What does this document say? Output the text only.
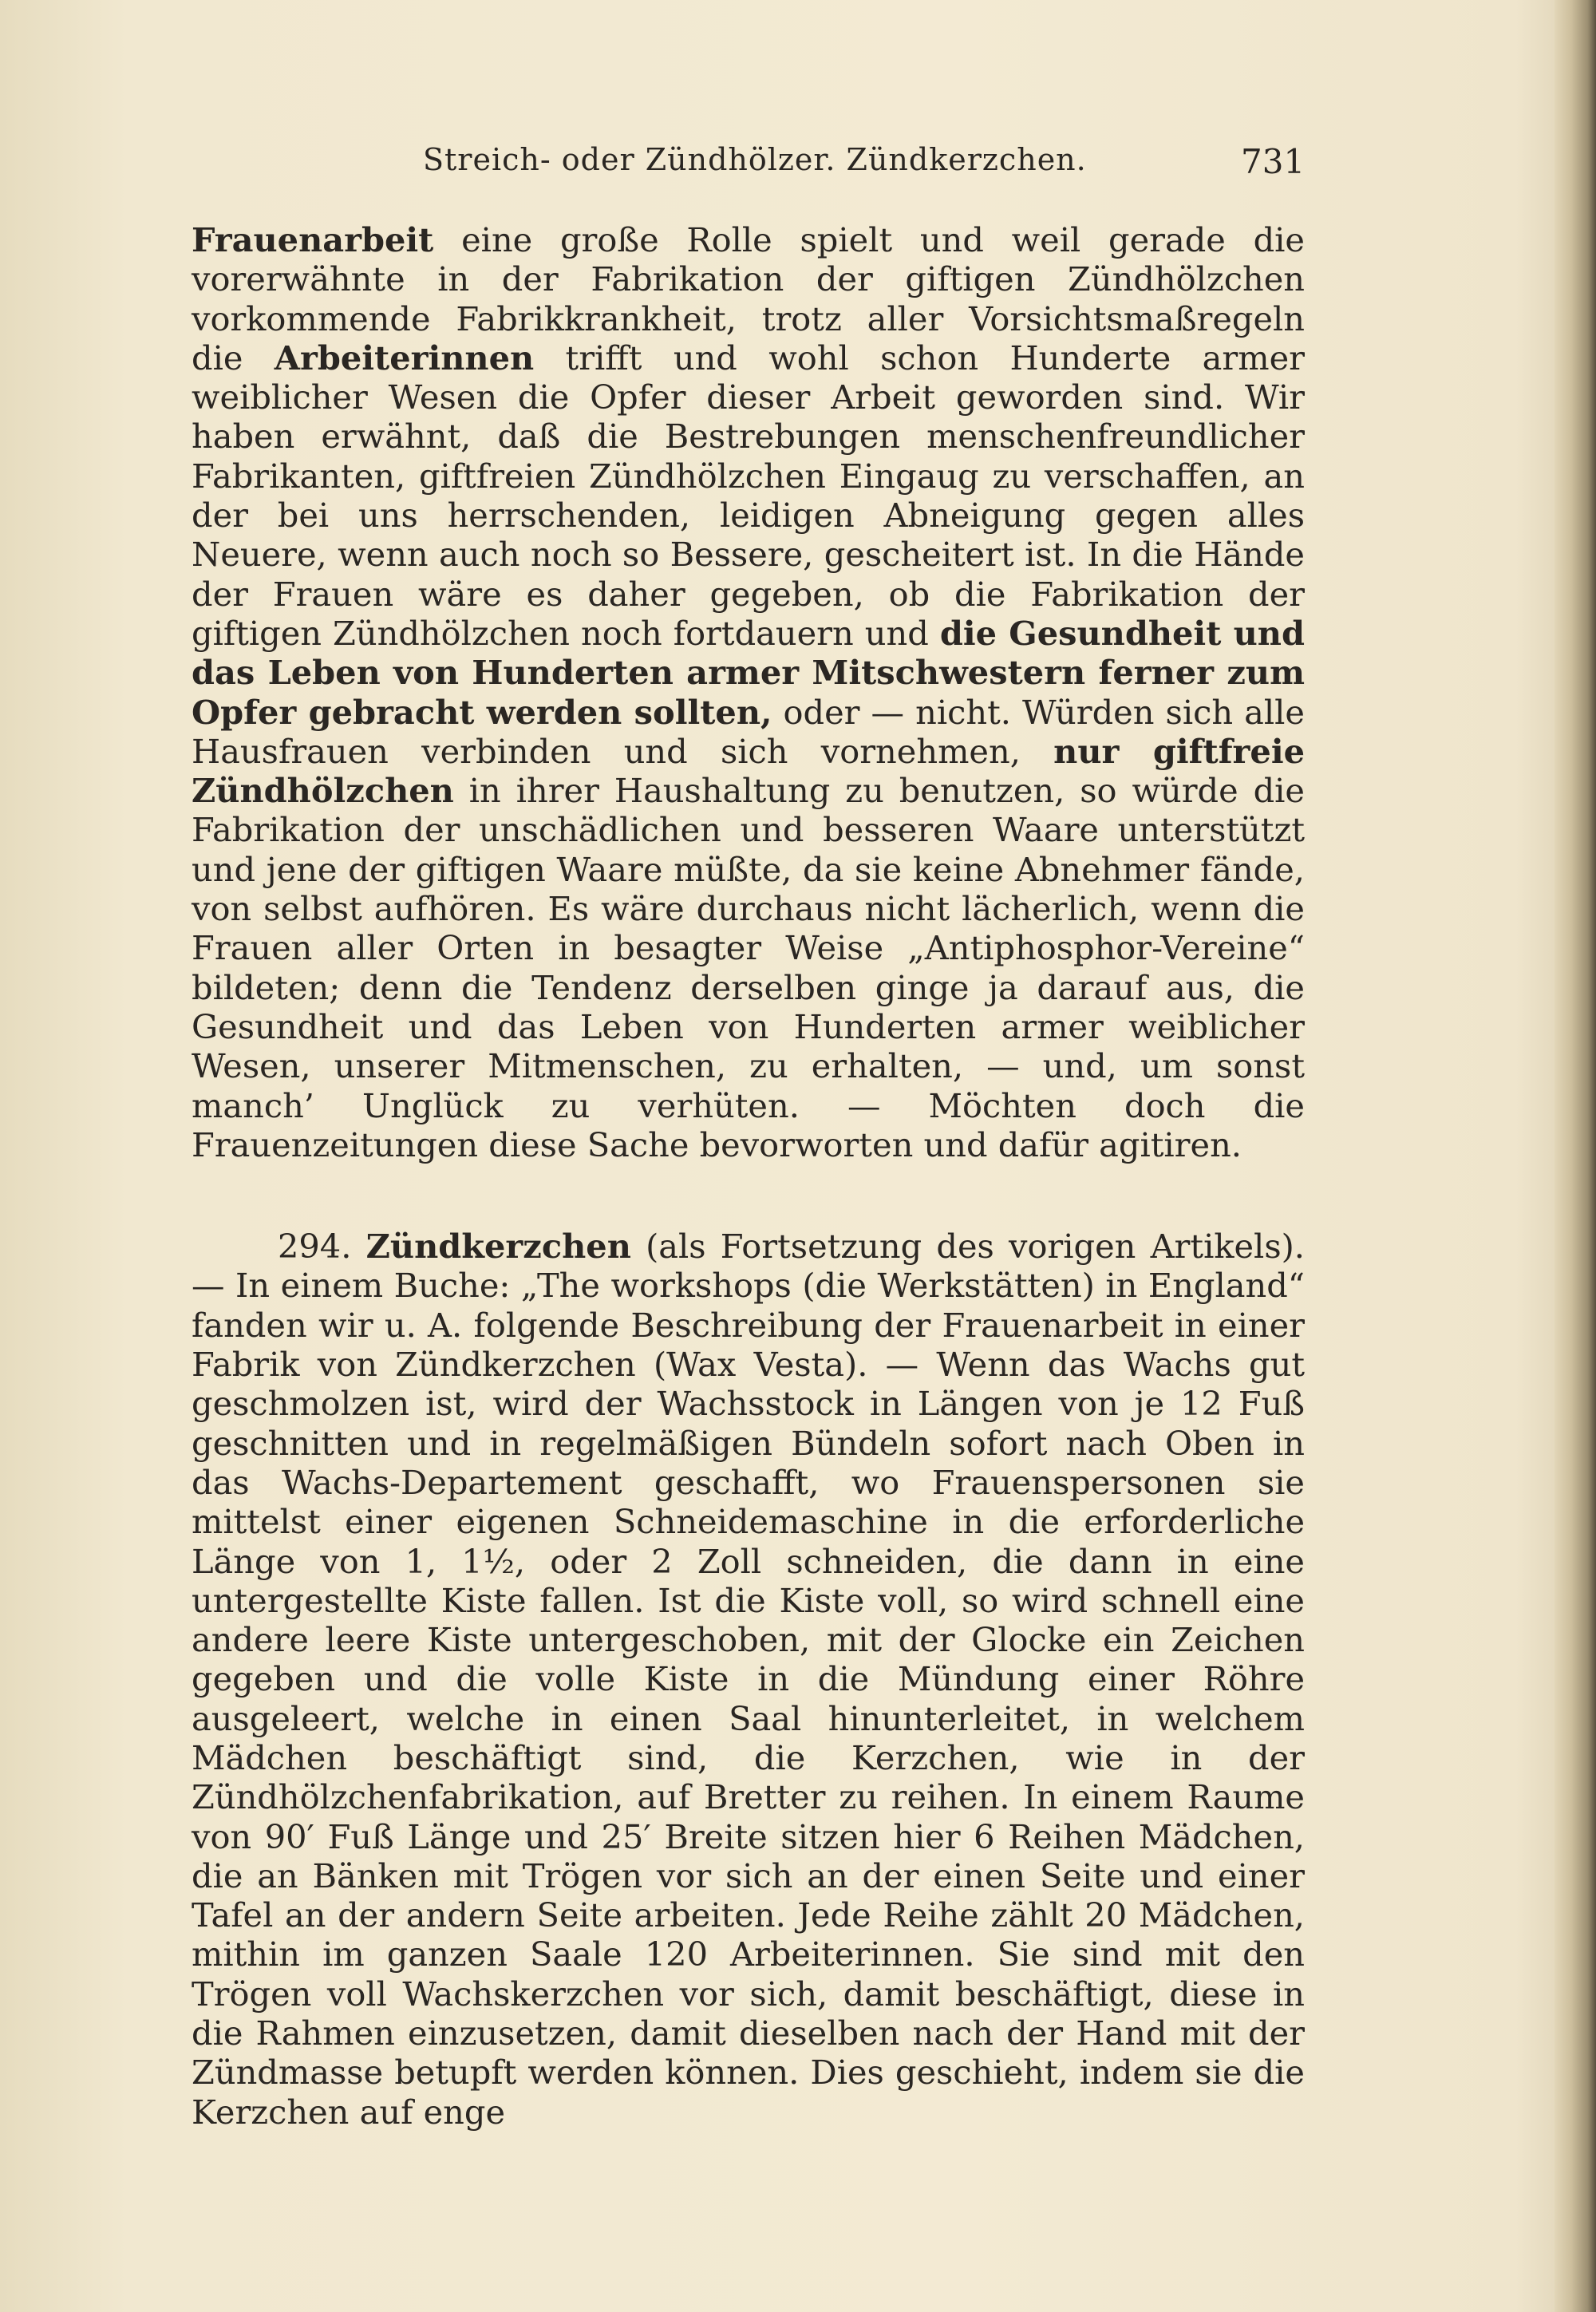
Streich- oder Zündhölzer. Zündkerzchen.	731

Frauenarbeit eine große Rolle spielt und weil gerade die vorerwähnte in der Fabrikation der giftigen Zündhölzchen vorkommende Fabrikkrankheit, trotz aller Vorsichtsmaßregeln die Arbeiterinnen trifft und wohl schon Hunderte armer weiblicher Wesen die Opfer dieser Arbeit geworden sind. Wir haben erwähnt, daß die Bestrebungen menschenfreundlicher Fabrikanten, giftfreien Zündhölzchen Eingaug zu verschaffen, an der bei uns herrschenden, leidigen Abneigung gegen alles Neuere, wenn auch noch so Bessere, gescheitert ist. In die Hände der Frauen wäre es daher gegeben, ob die Fabrikation der giftigen Zündhölzchen noch fortdauern und die Gesundheit und das Leben von Hunderten armer Mitschwestern ferner zum Opfer gebracht werden sollten, oder — nicht. Würden sich alle Hausfrauen verbinden und sich vornehmen, nur giftfreie Zündhölzchen in ihrer Haushaltung zu benutzen, so würde die Fabrikation der unschädlichen und besseren Waare unterstützt und jene der giftigen Waare müßte, da sie keine Abnehmer fände, von selbst aufhören. Es wäre durchaus nicht lächerlich, wenn die Frauen aller Orten in besagter Weise „Antiphosphor-Vereine“ bildeten; denn die Tendenz derselben ginge ja darauf aus, die Gesundheit und das Leben von Hunderten armer weiblicher Wesen, unserer Mitmenschen, zu erhalten, — und, um sonst manch’ Unglück zu verhüten. — Möchten doch die Frauenzeitungen diese Sache bevorworten und dafür agitiren.

294. Zündkerzchen (als Fortsetzung des vorigen Artikels). — In einem Buche: „The workshops (die Werkstätten) in England“ fanden wir u. A. folgende Beschreibung der Frauenarbeit in einer Fabrik von Zündkerzchen (Wax Vesta). — Wenn das Wachs gut geschmolzen ist, wird der Wachsstock in Längen von je 12 Fuß geschnitten und in regelmäßigen Bündeln sofort nach Oben in das Wachs-Departement geschafft, wo Frauenspersonen sie mittelst einer eigenen Schneidemaschine in die erforderliche Länge von 1, 1½, oder 2 Zoll schneiden, die dann in eine untergestellte Kiste fallen. Ist die Kiste voll, so wird schnell eine andere leere Kiste untergeschoben, mit der Glocke ein Zeichen gegeben und die volle Kiste in die Mündung einer Röhre ausgeleert, welche in einen Saal hinunterleitet, in welchem Mädchen beschäftigt sind, die Kerzchen, wie in der Zündhölzchenfabrikation, auf Bretter zu reihen. In einem Raume von 90′ Fuß Länge und 25′ Breite sitzen hier 6 Reihen Mädchen, die an Bänken mit Trögen vor sich an der einen Seite und einer Tafel an der andern Seite arbeiten. Jede Reihe zählt 20 Mädchen, mithin im ganzen Saale 120 Arbeiterinnen. Sie sind mit den Trögen voll Wachskerzchen vor sich, damit beschäftigt, diese in die Rahmen einzusetzen, damit dieselben nach der Hand mit der Zündmasse betupft werden können. Dies geschieht, indem sie die Kerzchen auf enge
